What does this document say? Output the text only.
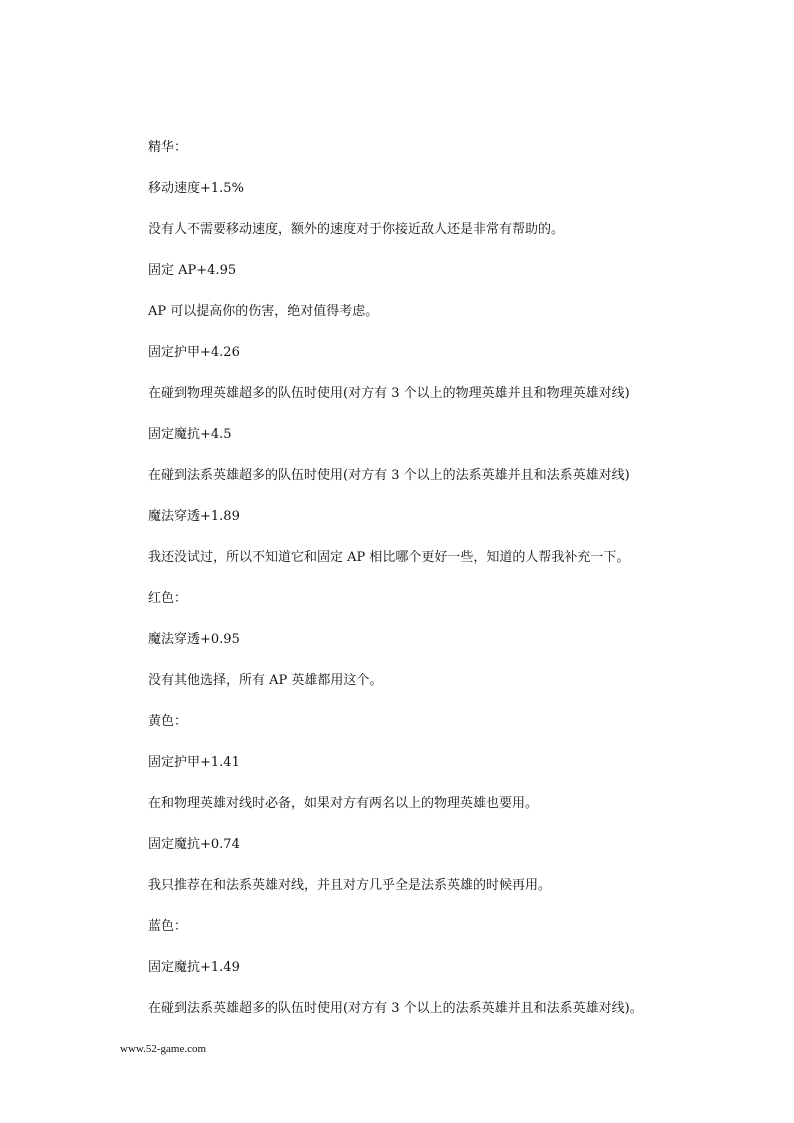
精华：
移动速度+1.5%
没有人不需要移动速度，额外的速度对于你接近敌人还是非常有帮助的。
固定 AP+4.95
AP 可以提高你的伤害，绝对值得考虑。
固定护甲+4.26
在碰到物理英雄超多的队伍时使用(对方有 3 个以上的物理英雄并且和物理英雄对线)
固定魔抗+4.5
在碰到法系英雄超多的队伍时使用(对方有 3 个以上的法系英雄并且和法系英雄对线)
魔法穿透+1.89
我还没试过，所以不知道它和固定 AP 相比哪个更好一些，知道的人帮我补充一下。
红色：
魔法穿透+0.95
没有其他选择，所有 AP 英雄都用这个。
黄色：
固定护甲+1.41
在和物理英雄对线时必备，如果对方有两名以上的物理英雄也要用。
固定魔抗+0.74
我只推荐在和法系英雄对线，并且对方几乎全是法系英雄的时候再用。
蓝色：
固定魔抗+1.49
在碰到法系英雄超多的队伍时使用(对方有 3 个以上的法系英雄并且和法系英雄对线)。
www.52-game.com
